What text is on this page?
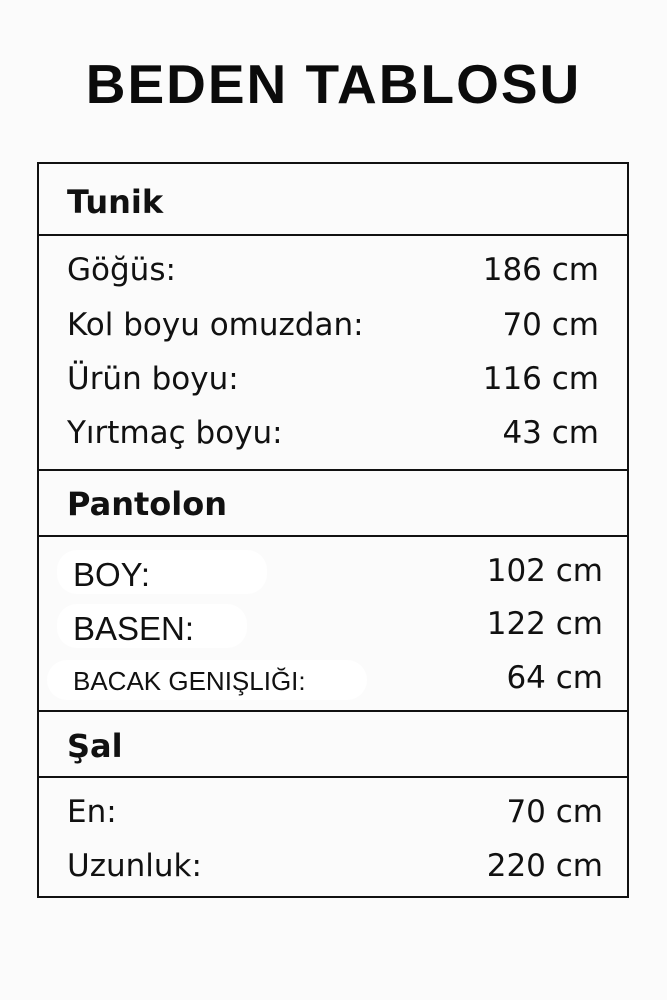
BEDEN TABLOSU
Tunik
Göğüs:	186 cm
Kol boyu omuzdan:	70 cm
Ürün boyu:	116 cm
Yırtmaç boyu:	43 cm
Pantolon
BOY:	102 cm
BASEN:	122 cm
BACAK GENIŞLIĞI:	64 cm
Şal
En:	70 cm
Uzunluk:	220 cm
